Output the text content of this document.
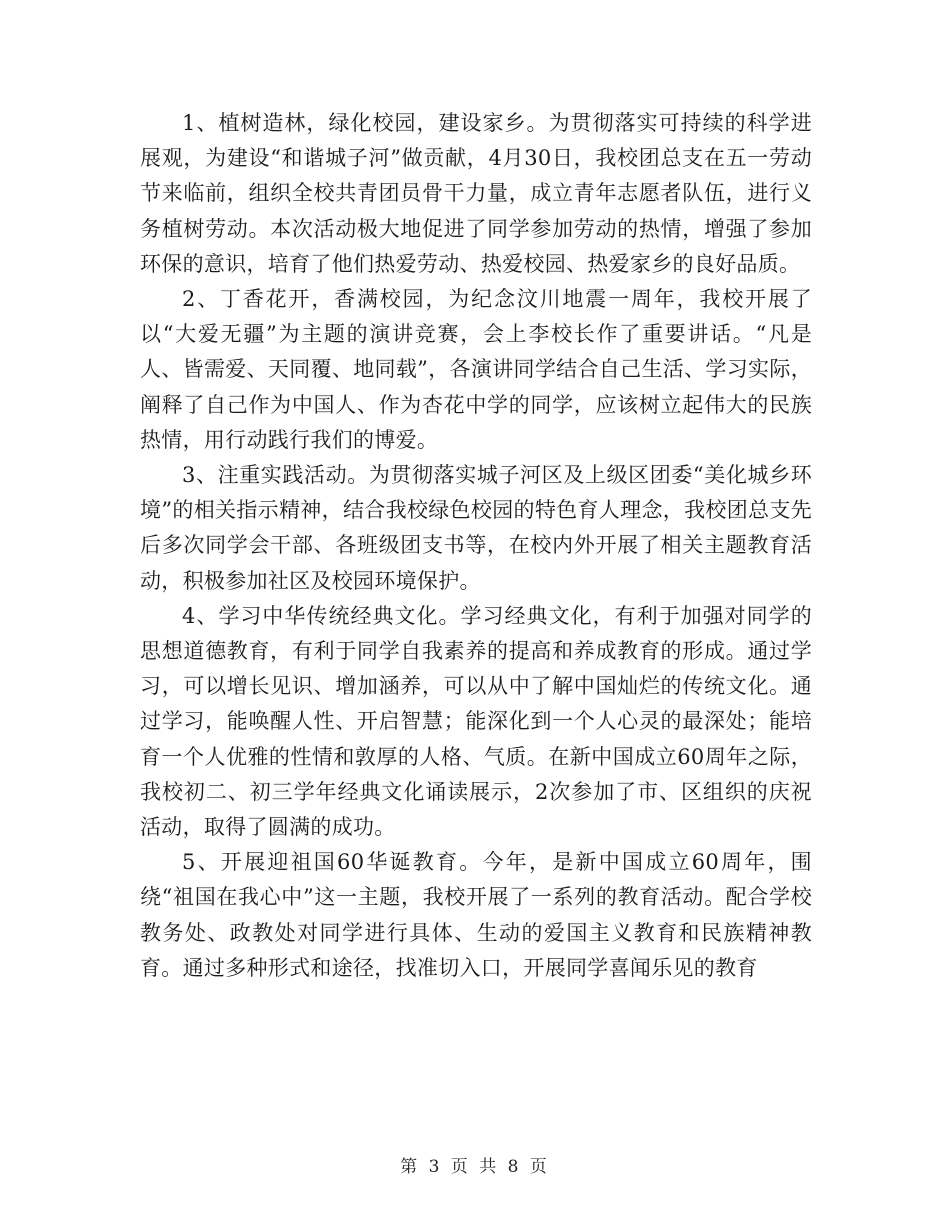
1、植树造林，绿化校园，建设家乡。为贯彻落实可持续的科学进展观，为建设“和谐城子河”做贡献，4月30日，我校团总支在五一劳动节来临前，组织全校共青团员骨干力量，成立青年志愿者队伍，进行义务植树劳动。本次活动极大地促进了同学参加劳动的热情，增强了参加环保的意识，培育了他们热爱劳动、热爱校园、热爱家乡的良好品质。

2、丁香花开，香满校园，为纪念汶川地震一周年，我校开展了以“大爱无疆”为主题的演讲竞赛，会上李校长作了重要讲话。“凡是人、皆需爱、天同覆、地同载”，各演讲同学结合自己生活、学习实际，阐释了自己作为中国人、作为杏花中学的同学，应该树立起伟大的民族热情，用行动践行我们的博爱。

3、注重实践活动。为贯彻落实城子河区及上级区团委“美化城乡环境”的相关指示精神，结合我校绿色校园的特色育人理念，我校团总支先后多次同学会干部、各班级团支书等，在校内外开展了相关主题教育活动，积极参加社区及校园环境保护。

4、学习中华传统经典文化。学习经典文化，有利于加强对同学的思想道德教育，有利于同学自我素养的提高和养成教育的形成。通过学习，可以增长见识、增加涵养，可以从中了解中国灿烂的传统文化。通过学习，能唤醒人性、开启智慧；能深化到一个人心灵的最深处；能培育一个人优雅的性情和敦厚的人格、气质。在新中国成立60周年之际，我校初二、初三学年经典文化诵读展示，2次参加了市、区组织的庆祝活动，取得了圆满的成功。

5、开展迎祖国60华诞教育。今年，是新中国成立60周年，围绕“祖国在我心中”这一主题，我校开展了一系列的教育活动。配合学校教务处、政教处对同学进行具体、生动的爱国主义教育和民族精神教育。通过多种形式和途径，找准切入口，开展同学喜闻乐见的教育

第 3 页 共 8 页
